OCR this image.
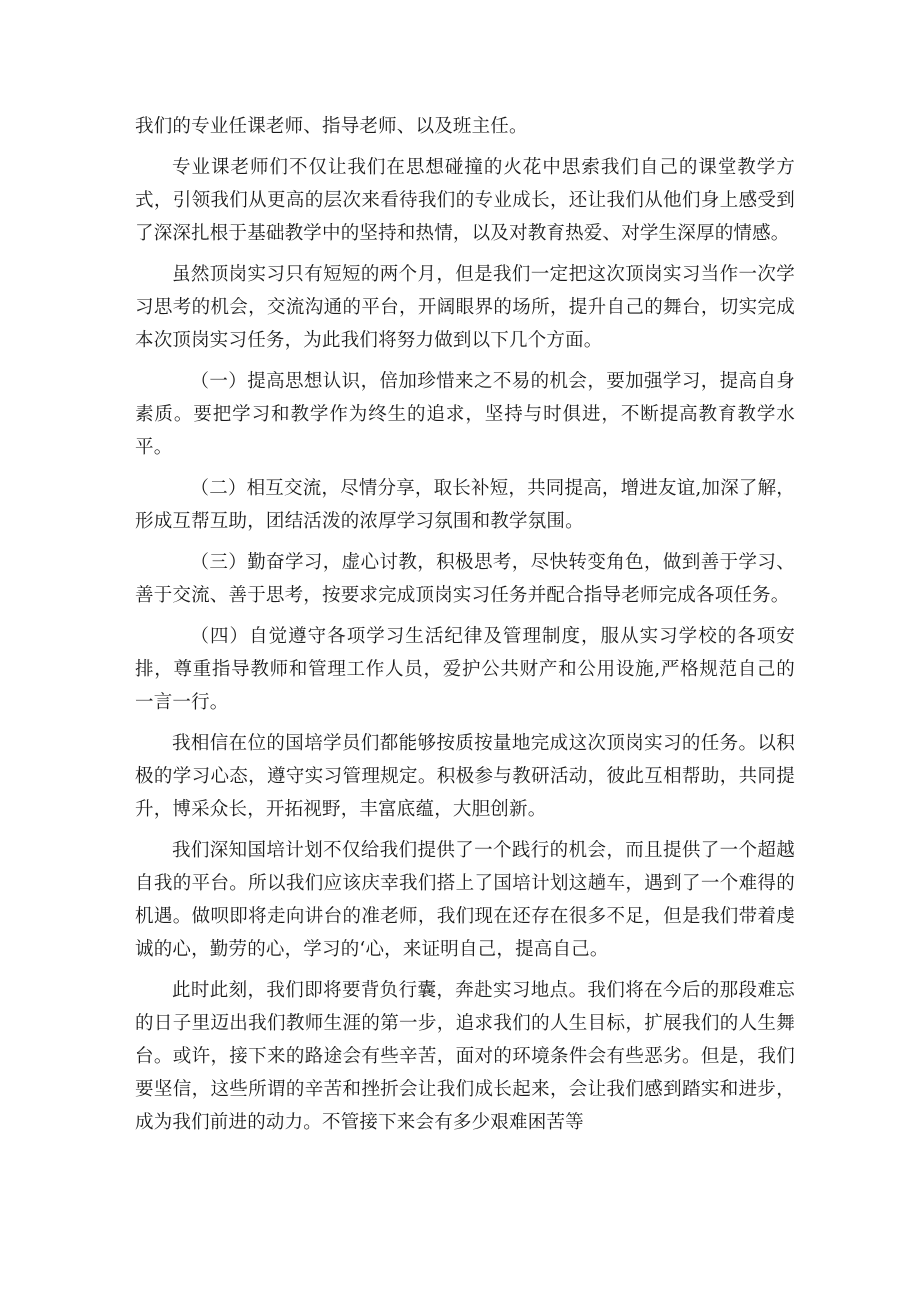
我们的专业任课老师、指导老师、以及班主任。

专业课老师们不仅让我们在思想碰撞的火花中思索我们自己的课堂教学方式，引领我们从更高的层次来看待我们的专业成长，还让我们从他们身上感受到了深深扎根于基础教学中的坚持和热情，以及对教育热爱、对学生深厚的情感。

虽然顶岗实习只有短短的两个月，但是我们一定把这次顶岗实习当作一次学习思考的机会，交流沟通的平台，开阔眼界的场所，提升自己的舞台，切实完成本次顶岗实习任务，为此我们将努力做到以下几个方面。

（一）提高思想认识，倍加珍惜来之不易的机会，要加强学习，提高自身素质。要把学习和教学作为终生的追求，坚持与时俱进，不断提高教育教学水平。

（二）相互交流，尽情分享，取长补短，共同提高，增进友谊,加深了解，形成互帮互助，团结活泼的浓厚学习氛围和教学氛围。

（三）勤奋学习，虚心讨教，积极思考，尽快转变角色，做到善于学习、善于交流、善于思考，按要求完成顶岗实习任务并配合指导老师完成各项任务。

（四）自觉遵守各项学习生活纪律及管理制度，服从实习学校的各项安排，尊重指导教师和管理工作人员，爱护公共财产和公用设施,严格规范自己的一言一行。

我相信在位的国培学员们都能够按质按量地完成这次顶岗实习的任务。以积极的学习心态，遵守实习管理规定。积极参与教研活动，彼此互相帮助，共同提升，博采众长，开拓视野，丰富底蕴，大胆创新。

我们深知国培计划不仅给我们提供了一个践行的机会，而且提供了一个超越自我的平台。所以我们应该庆幸我们搭上了国培计划这趟车，遇到了一个难得的机遇。做呗即将走向讲台的准老师，我们现在还存在很多不足，但是我们带着虔诚的心，勤劳的心，学习的‘心，来证明自己，提高自己。

此时此刻，我们即将要背负行囊，奔赴实习地点。我们将在今后的那段难忘的日子里迈出我们教师生涯的第一步，追求我们的人生目标，扩展我们的人生舞台。或许，接下来的路途会有些辛苦，面对的环境条件会有些恶劣。但是，我们要坚信，这些所谓的辛苦和挫折会让我们成长起来，会让我们感到踏实和进步，成为我们前进的动力。不管接下来会有多少艰难困苦等
